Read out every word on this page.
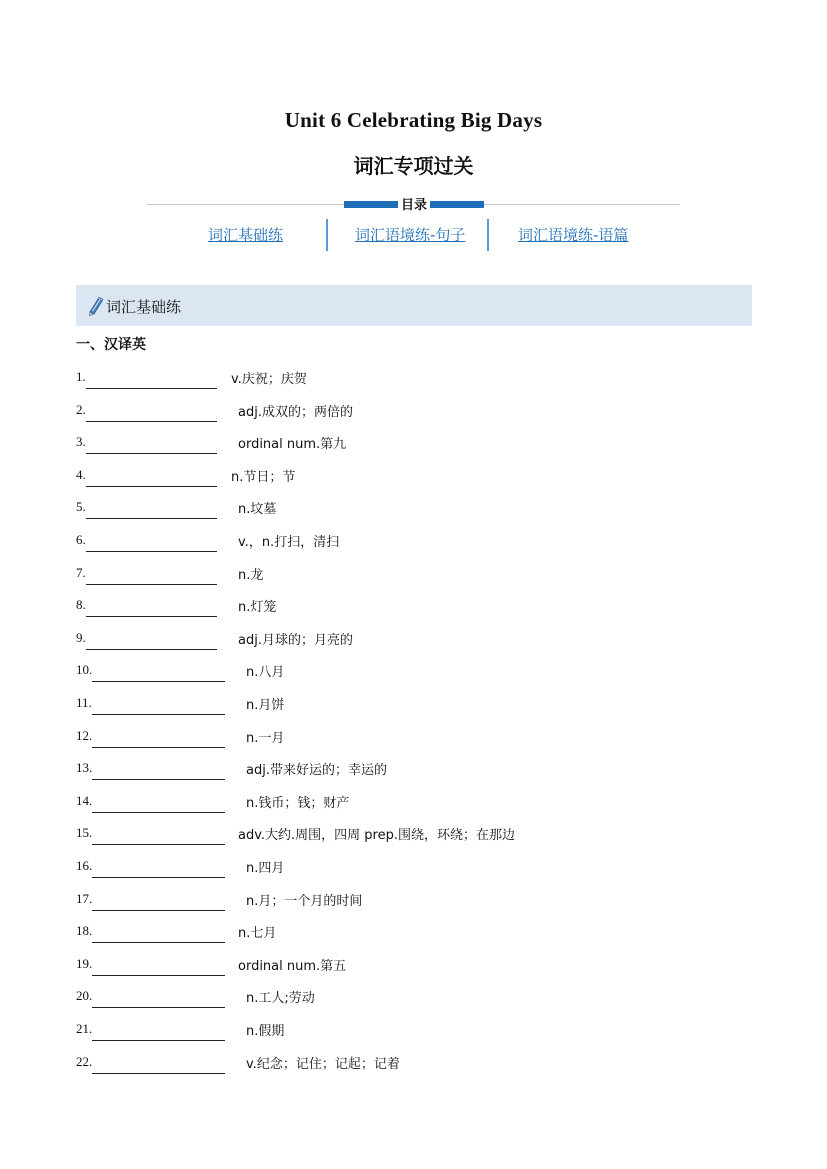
Unit 6 Celebrating Big Days
词汇专项过关
目录
词汇基础练	词汇语境练-句子	词汇语境练-语篇
词汇基础练
一、汉译英
1.	v.庆祝；庆贺
2.	adj.成双的；两倍的
3.	ordinal num.第九
4.	n.节日；节
5.	n.坟墓
6.	v.，n.打扫，清扫
7.	n.龙
8.	n.灯笼
9.	adj.月球的；月亮的
10.	n.八月
11.	n.月饼
12.	n.一月
13.	adj.带来好运的；幸运的
14.	n.钱币；钱；财产
15.	adv.大约.周围，四周 prep.围绕，环绕；在那边
16.	n.四月
17.	n.月；一个月的时间
18.	n.七月
19.	ordinal num.第五
20.	n.工人;劳动
21.	n.假期
22.	v.纪念；记住；记起；记着
